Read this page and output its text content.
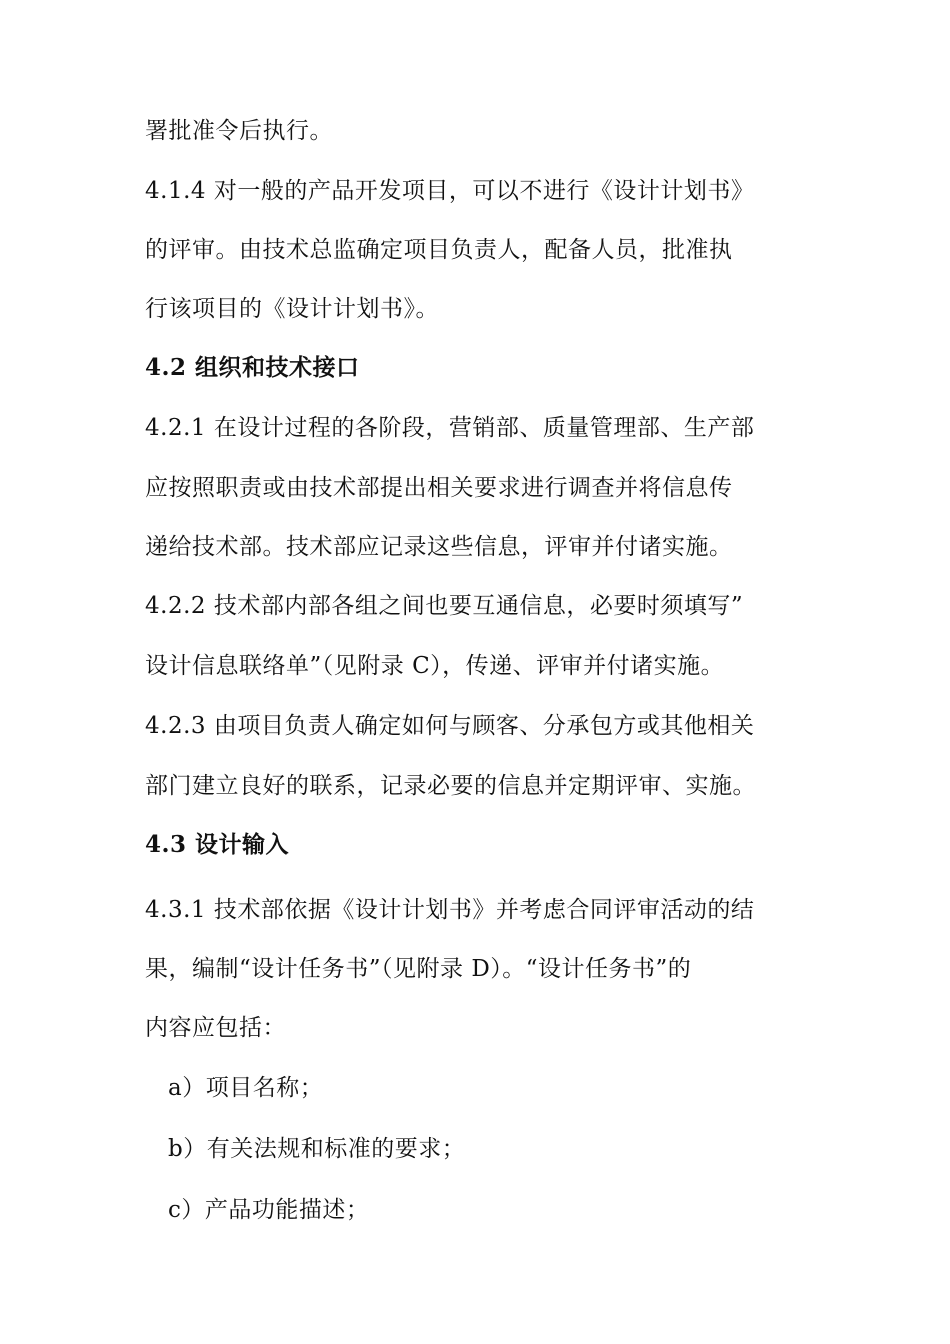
署批准令后执行。
4.1.4 对一般的产品开发项目，可以不进行《设计计划书》
的评审。由技术总监确定项目负责人，配备人员，批准执
行该项目的《设计计划书》。
4.2 组织和技术接口
4.2.1 在设计过程的各阶段，营销部、质量管理部、生产部
应按照职责或由技术部提出相关要求进行调查并将信息传
递给技术部。技术部应记录这些信息，评审并付诸实施。
4.2.2 技术部内部各组之间也要互通信息，必要时须填写”
设计信息联络单”（见附录 C），传递、评审并付诸实施。
4.2.3 由项目负责人确定如何与顾客、分承包方或其他相关
部门建立良好的联系，记录必要的信息并定期评审、实施。
4.3 设计输入
4.3.1 技术部依据《设计计划书》并考虑合同评审活动的结
果，编制“设计任务书”（见附录 D）。“设计任务书”的
内容应包括：
a）项目名称；
b）有关法规和标准的要求；
c）产品功能描述；
